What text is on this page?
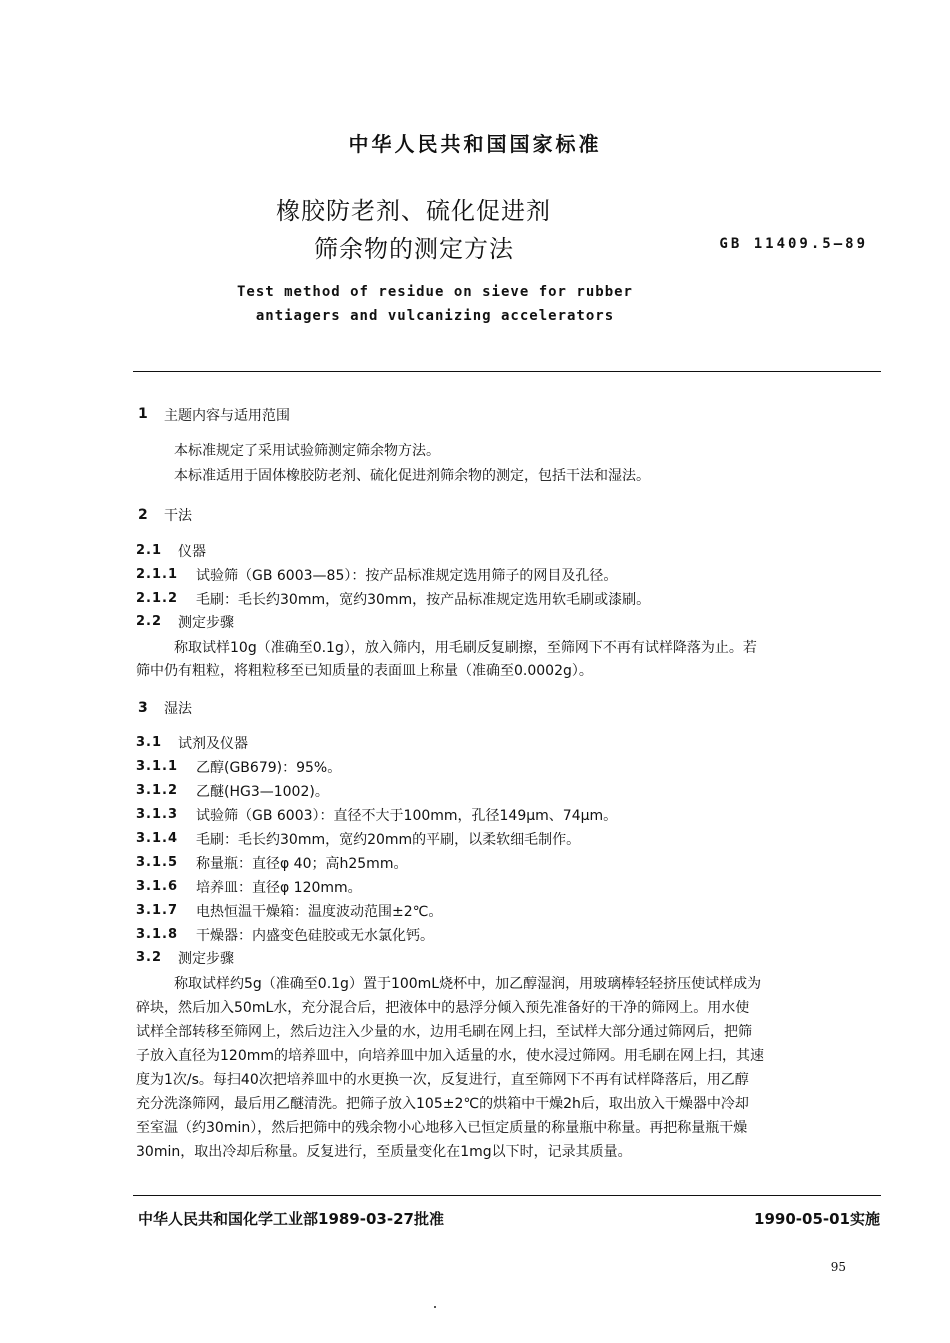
中华人民共和国国家标准
橡胶防老剂、硫化促进剂
筛余物的测定方法	GB 11409.5—89
Test method of residue on sieve for rubber
antiagers and vulcanizing accelerators
1 主题内容与适用范围
本标准规定了采用试验筛测定筛余物方法。
本标准适用于固体橡胶防老剂、硫化促进剂筛余物的测定，包括干法和湿法。
2 干法
2.1 仪器
2.1.1 试验筛（GB 6003—85）：按产品标准规定选用筛子的网目及孔径。
2.1.2 毛刷：毛长约30mm，宽约30mm，按产品标准规定选用软毛刷或漆刷。
2.2 测定步骤
称取试样10g（准确至0.1g），放入筛内，用毛刷反复刷擦，至筛网下不再有试样降落为止。若
筛中仍有粗粒，将粗粒移至已知质量的表面皿上称量（准确至0.0002g）。
3 湿法
3.1 试剂及仪器
3.1.1 乙醇(GB679)：95%。
3.1.2 乙醚(HG3—1002)。
3.1.3 试验筛（GB 6003）：直径不大于100mm，孔径149μm、74μm。
3.1.4 毛刷：毛长约30mm，宽约20mm的平刷，以柔软细毛制作。
3.1.5 称量瓶：直径φ 40；高h25mm。
3.1.6 培养皿：直径φ 120mm。
3.1.7 电热恒温干燥箱：温度波动范围±2℃。
3.1.8 干燥器：内盛变色硅胶或无水氯化钙。
3.2 测定步骤
称取试样约5g（准确至0.1g）置于100mL烧杯中，加乙醇湿润，用玻璃棒轻轻挤压使试样成为
碎块，然后加入50mL水，充分混合后，把液体中的悬浮分倾入预先准备好的干净的筛网上。用水使
试样全部转移至筛网上，然后边注入少量的水，边用毛刷在网上扫，至试样大部分通过筛网后，把筛
子放入直径为120mm的培养皿中，向培养皿中加入适量的水，使水浸过筛网。用毛刷在网上扫，其速
度为1次/s。每扫40次把培养皿中的水更换一次，反复进行，直至筛网下不再有试样降落后，用乙醇
充分洗涤筛网，最后用乙醚清洗。把筛子放入105±2℃的烘箱中干燥2h后，取出放入干燥器中冷却
至室温（约30min），然后把筛中的残余物小心地移入已恒定质量的称量瓶中称量。再把称量瓶干燥
30min，取出冷却后称量。反复进行，至质量变化在1mg以下时，记录其质量。
中华人民共和国化学工业部1989-03-27批准	1990-05-01实施
95
